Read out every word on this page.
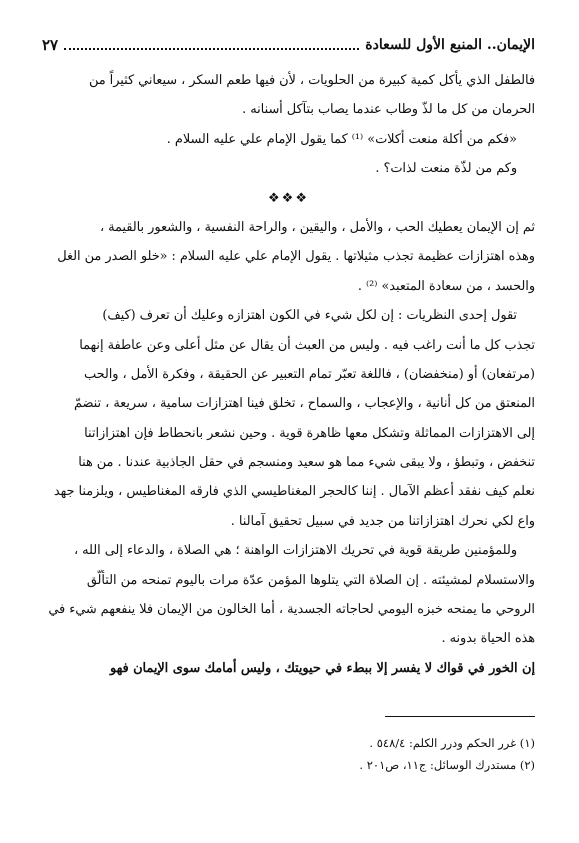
الإيمان.. المنبع الأول للسعادة
٢٧
فالطفل الذي يأكل كمية كبيرة من الحلويات ، لأن فيها طعم السكر ، سيعاني كثيراً من
الحرمان من كل ما لذّ وطاب عندما يصاب بتآكل أسنانه .
«فكم من أكلة منعت أكلات» ⁽¹⁾ كما يقول الإمام علي عليه السلام .
وكم من لذّة منعت لذات؟ .
❖❖❖
ثم إن الإيمان يعطيك الحب ، والأمل ، واليقين ، والراحة النفسية ، والشعور بالقيمة ،
وهذه اهتزازات عظيمة تجذب مثيلاتها . يقول الإمام علي عليه السلام : «خلو الصدر من الغل
والحسد ، من سعادة المتعبد» ⁽²⁾ .
تقول إحدى النظريات : إن لكل شيء في الكون اهتزازه وعليك أن تعرف (كيف)
تجذب كل ما أنت راغب فيه . وليس من العبث أن يقال عن مثل أعلى وعن عاطفة إنهما
(مرتفعان) أو (منخفضان) ، فاللغة تعبّر تمام التعبير عن الحقيقة ، وفكرة الأمل ، والحب
المنعتق من كل أنانية ، والإعجاب ، والسماح ، تخلق فينا اهتزازات سامية ، سريعة ، تنضمّ
إلى الاهتزازات المماثلة وتشكل معها ظاهرة قوية . وحين نشعر بانحطاط فإن اهتزازاتنا
تنخفض ، وتبطؤ ، ولا يبقى شيء مما هو سعيد ومنسجم في حقل الجاذبية عندنا . من هنا
نعلم كيف نفقد أعظم الآمال . إننا كالحجر المغناطيسي الذي فارقه المغناطيس ، ويلزمنا جهد
واع لكي نحرك اهتزازاتنا من جديد في سبيل تحقيق آمالنا .
وللمؤمنين طريقة قوية في تحريك الاهتزازات الواهنة ؛ هي الصلاة ، والدعاء إلى الله ،
والاستسلام لمشيئته . إن الصلاة التي يتلوها المؤمن عدّة مرات باليوم تمنحه من التألّق
الروحي ما يمنحه خبزه اليومي لحاجاته الجسدية ، أما الخالون من الإيمان فلا ينفعهم شيء في
هذه الحياة بدونه .
إن الخور في قواك لا يفسر إلا ببطء في حيويتك ، وليس أمامك سوى الإيمان فهو
(١) غرر الحكم ودرر الكلم: ٥٤٨/٤ .
(٢) مستدرك الوسائل: ج١١، ص٢٠١ .
